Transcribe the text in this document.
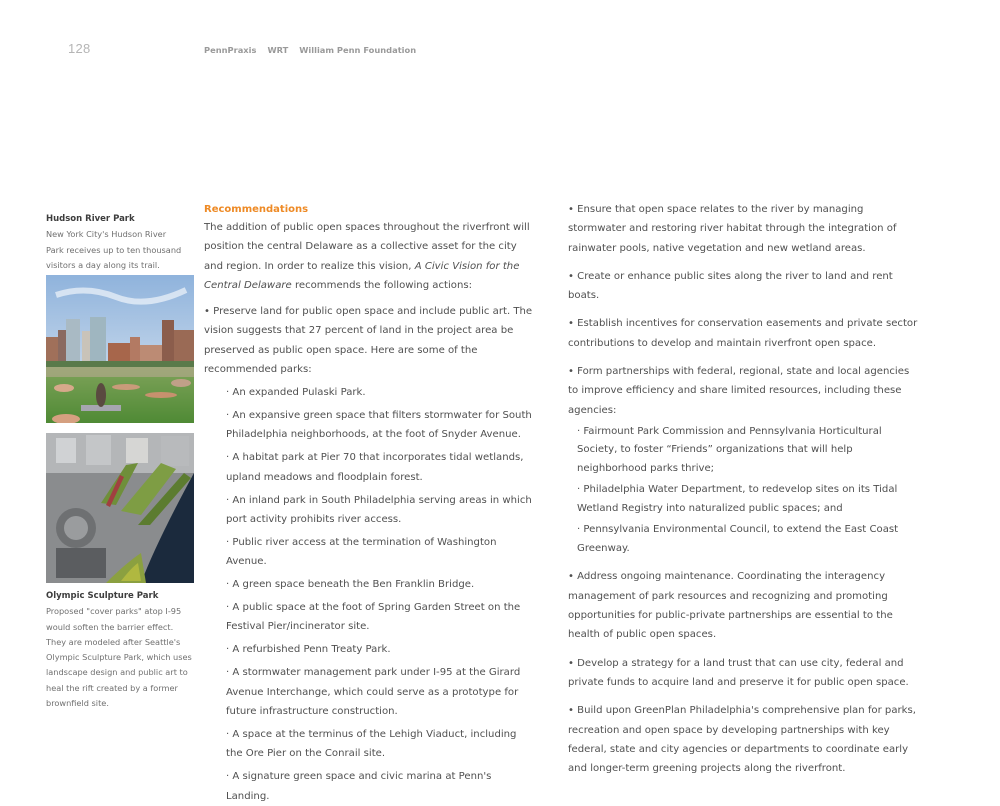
128	PennPraxis WRT William Penn Foundation
Hudson River Park
New York City's Hudson River Park receives up to ten thousand visitors a day along its trail.
Olympic Sculpture Park
Proposed "cover parks" atop I-95 would soften the barrier effect. They are modeled after Seattle's Olympic Sculpture Park, which uses landscape design and public art to heal the rift created by a former brownfield site.
Recommendations

The addition of public open spaces throughout the riverfront will position the central Delaware as a collective asset for the city and region. In order to realize this vision, A Civic Vision for the Central Delaware recommends the following actions:

• Preserve land for public open space and include public art. The vision suggests that 27 percent of land in the project area be preserved as public open space. Here are some of the recommended parks:

· An expanded Pulaski Park.
· An expansive green space that filters stormwater for South Philadelphia neighborhoods, at the foot of Snyder Avenue.
· A habitat park at Pier 70 that incorporates tidal wetlands, upland meadows and floodplain forest.
· An inland park in South Philadelphia serving areas in which port activity prohibits river access.
· Public river access at the termination of Washington Avenue.
· A green space beneath the Ben Franklin Bridge.
· A public space at the foot of Spring Garden Street on the Festival Pier/incinerator site.
· A refurbished Penn Treaty Park.
· A stormwater management park under I-95 at the Girard Avenue Interchange, which could serve as a prototype for future infrastructure construction.
· A space at the terminus of the Lehigh Viaduct, including the Ore Pier on the Conrail site.
· A signature green space and civic marina at Penn's Landing.

• Ensure that open space relates to the river by managing stormwater and restoring river habitat through the integration of rainwater pools, native vegetation and new wetland areas.

• Create or enhance public sites along the river to land and rent boats.

• Establish incentives for conservation easements and private sector contributions to develop and maintain riverfront open space.

• Form partnerships with federal, regional, state and local agencies to improve efficiency and share limited resources, including these agencies:

· Fairmount Park Commission and Pennsylvania Horticultural Society, to foster “Friends” organizations that will help neighborhood parks thrive;
· Philadelphia Water Department, to redevelop sites on its Tidal Wetland Registry into naturalized public spaces; and
· Pennsylvania Environmental Council, to extend the East Coast Greenway.

• Address ongoing maintenance. Coordinating the interagency management of park resources and recognizing and promoting opportunities for public-private partnerships are essential to the health of public open spaces.

• Develop a strategy for a land trust that can use city, federal and private funds to acquire land and preserve it for public open space.

• Build upon GreenPlan Philadelphia's comprehensive plan for parks, recreation and open space by developing partnerships with key federal, state and city agencies or departments to coordinate early and longer-term greening projects along the riverfront.
